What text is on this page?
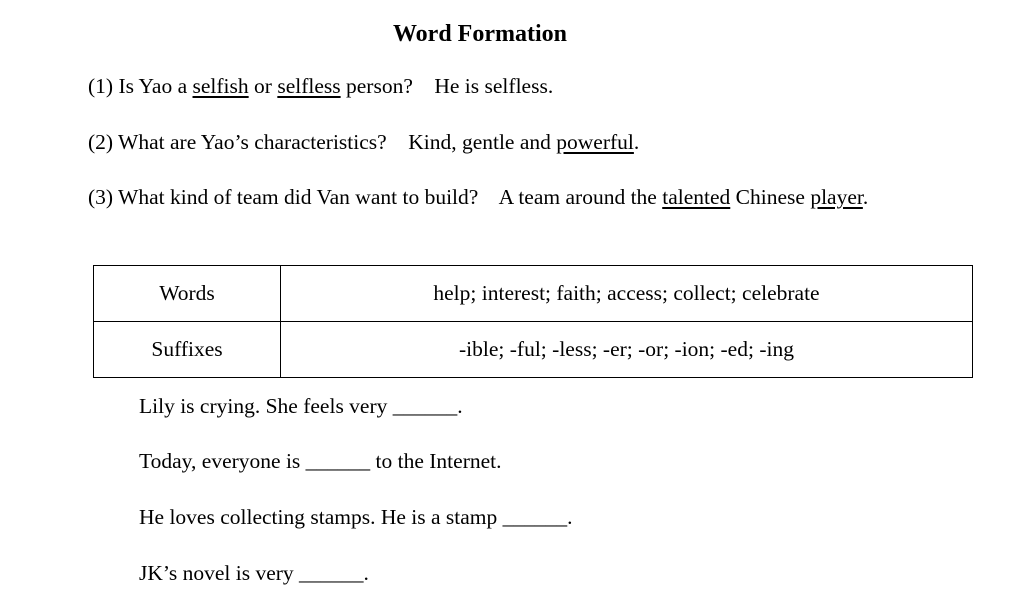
Word Formation
(1) Is Yao a selfish or selfless person?    He is selfless.
(2) What are Yao’s characteristics?    Kind, gentle and powerful.
(3) What kind of team did Van want to build?    A team around the talented Chinese player.
Words	help; interest; faith; access; collect; celebrate
Suffixes	-ible; -ful; -less; -er; -or; -ion; -ed; -ing
Lily is crying. She feels very ______.
Today, everyone is ______ to the Internet.
He loves collecting stamps. He is a stamp ______.
JK’s novel is very ______.
